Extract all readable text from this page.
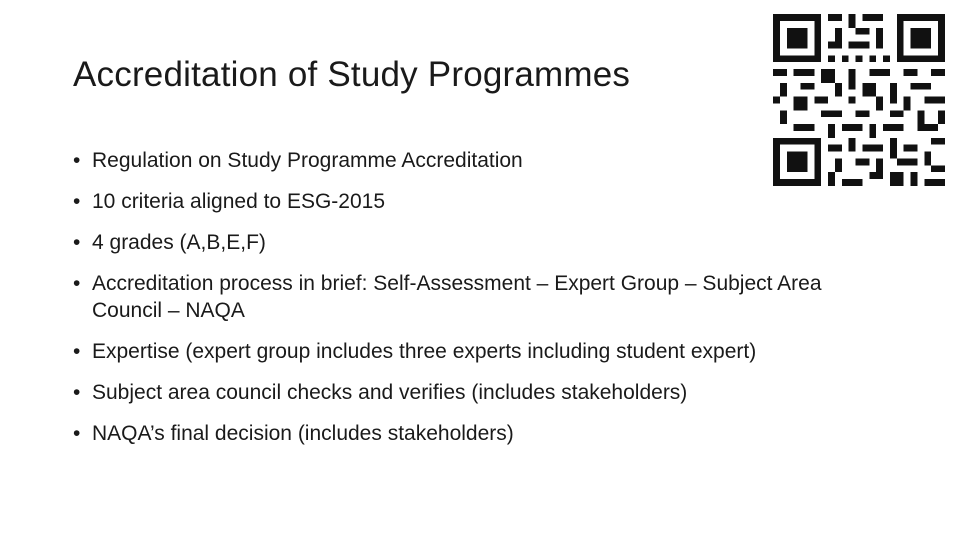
Accreditation of Study Programmes
• Regulation on Study Programme Accreditation
• 10 criteria aligned to ESG-2015
• 4 grades (A,B,E,F)
• Accreditation process in brief: Self-Assessment – Expert Group – Subject Area Council – NAQA
• Expertise (expert group includes three experts including student expert)
• Subject area council checks and verifies (includes stakeholders)
• NAQA’s final decision (includes stakeholders)
